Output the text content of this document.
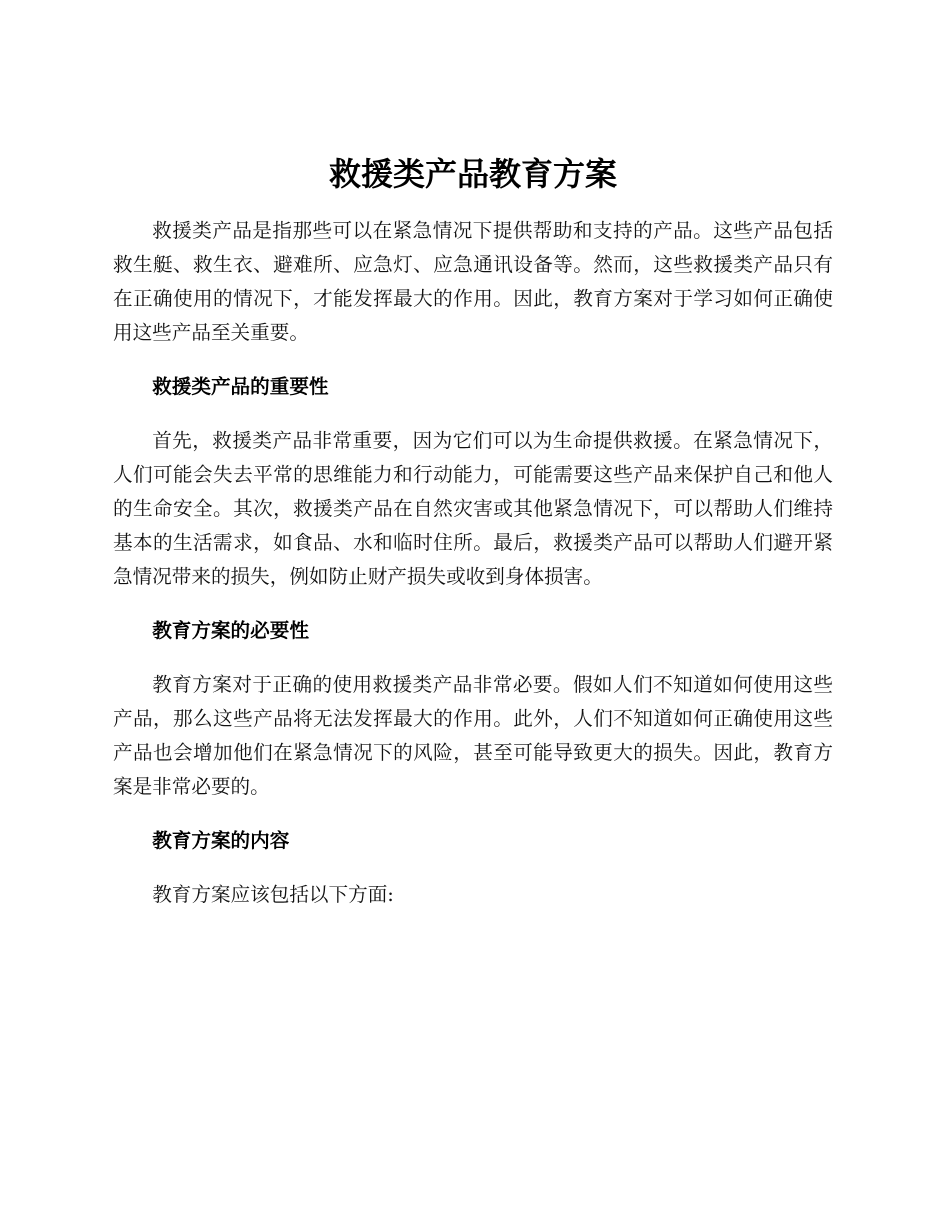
救援类产品教育方案

救援类产品是指那些可以在紧急情况下提供帮助和支持的产品。这些产品包括救生艇、救生衣、避难所、应急灯、应急通讯设备等。然而，这些救援类产品只有在正确使用的情况下，才能发挥最大的作用。因此，教育方案对于学习如何正确使用这些产品至关重要。

救援类产品的重要性

首先，救援类产品非常重要，因为它们可以为生命提供救援。在紧急情况下，人们可能会失去平常的思维能力和行动能力，可能需要这些产品来保护自己和他人的生命安全。其次，救援类产品在自然灾害或其他紧急情况下，可以帮助人们维持基本的生活需求，如食品、水和临时住所。最后，救援类产品可以帮助人们避开紧急情况带来的损失，例如防止财产损失或收到身体损害。

教育方案的必要性

教育方案对于正确的使用救援类产品非常必要。假如人们不知道如何使用这些产品，那么这些产品将无法发挥最大的作用。此外，人们不知道如何正确使用这些产品也会增加他们在紧急情况下的风险，甚至可能导致更大的损失。因此，教育方案是非常必要的。

教育方案的内容

教育方案应该包括以下方面:
